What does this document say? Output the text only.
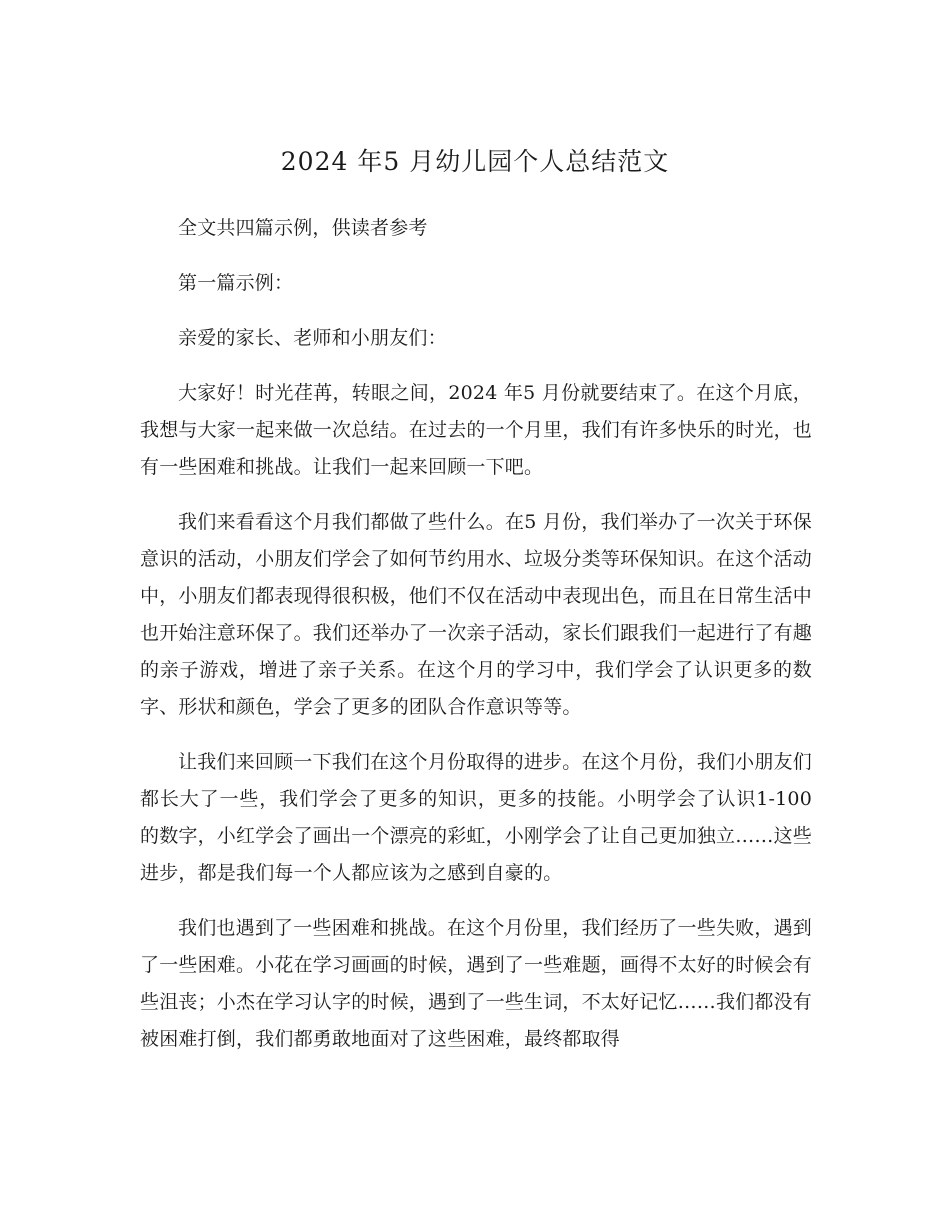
2024 年5 月幼儿园个人总结范文

全文共四篇示例，供读者参考

第一篇示例：

亲爱的家长、老师和小朋友们：

大家好！时光荏苒，转眼之间，2024 年5 月份就要结束了。在这个月底，我想与大家一起来做一次总结。在过去的一个月里，我们有许多快乐的时光，也有一些困难和挑战。让我们一起来回顾一下吧。

我们来看看这个月我们都做了些什么。在5 月份，我们举办了一次关于环保意识的活动，小朋友们学会了如何节约用水、垃圾分类等环保知识。在这个活动中，小朋友们都表现得很积极，他们不仅在活动中表现出色，而且在日常生活中也开始注意环保了。我们还举办了一次亲子活动，家长们跟我们一起进行了有趣的亲子游戏，增进了亲子关系。在这个月的学习中，我们学会了认识更多的数字、形状和颜色，学会了更多的团队合作意识等等。

让我们来回顾一下我们在这个月份取得的进步。在这个月份，我们小朋友们都长大了一些，我们学会了更多的知识，更多的技能。小明学会了认识1-100 的数字，小红学会了画出一个漂亮的彩虹，小刚学会了让自己更加独立……这些进步，都是我们每一个人都应该为之感到自豪的。

我们也遇到了一些困难和挑战。在这个月份里，我们经历了一些失败，遇到了一些困难。小花在学习画画的时候，遇到了一些难题，画得不太好的时候会有些沮丧；小杰在学习认字的时候，遇到了一些生词，不太好记忆……我们都没有被困难打倒，我们都勇敢地面对了这些困难，最终都取得
